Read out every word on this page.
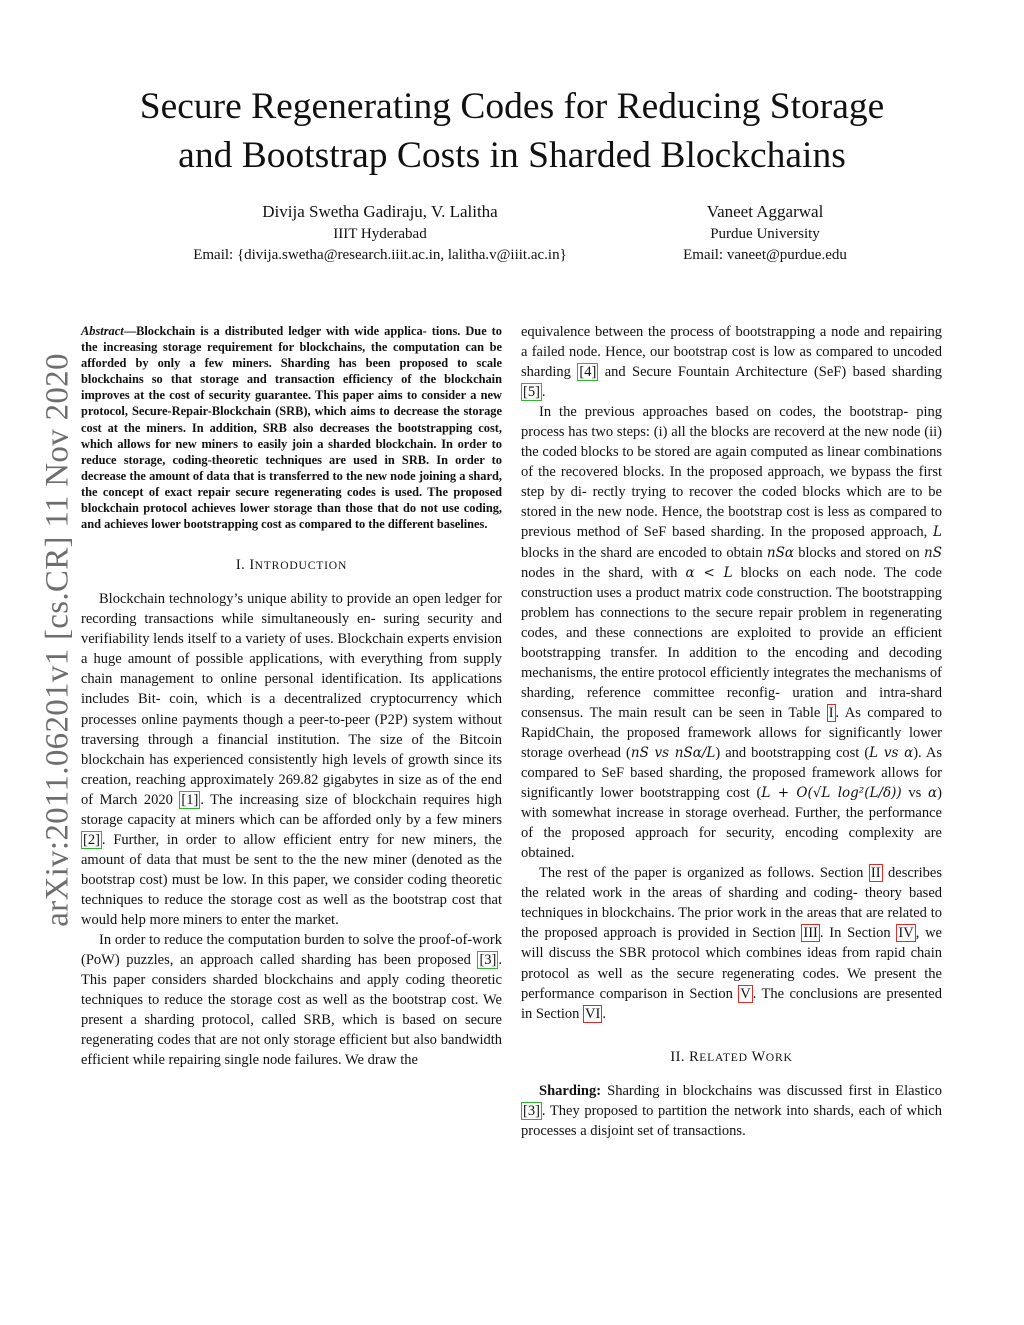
arXiv:2011.06201v1 [cs.CR] 11 Nov 2020
Secure Regenerating Codes for Reducing Storage
and Bootstrap Costs in Sharded Blockchains
Divija Swetha Gadiraju, V. Lalitha
IIIT Hyderabad
Email: {divija.swetha@research.iiit.ac.in, lalitha.v@iiit.ac.in}
Vaneet Aggarwal
Purdue University
Email: vaneet@purdue.edu

Abstract—Blockchain is a distributed ledger with wide applica- tions. Due to the increasing storage requirement for blockchains, the computation can be afforded by only a few miners. Sharding has been proposed to scale blockchains so that storage and transaction efficiency of the blockchain improves at the cost of security guarantee. This paper aims to consider a new protocol, Secure-Repair-Blockchain (SRB), which aims to decrease the storage cost at the miners. In addition, SRB also decreases the bootstrapping cost, which allows for new miners to easily join a sharded blockchain. In order to reduce storage, coding-theoretic techniques are used in SRB. In order to decrease the amount of data that is transferred to the new node joining a shard, the concept of exact repair secure regenerating codes is used. The proposed blockchain protocol achieves lower storage than those that do not use coding, and achieves lower bootstrapping cost as compared to the different baselines.

I. INTRODUCTION

Blockchain technology’s unique ability to provide an open ledger for recording transactions while simultaneously en- suring security and verifiability lends itself to a variety of uses. Blockchain experts envision a huge amount of possible applications, with everything from supply chain management to online personal identification. Its applications includes Bit- coin, which is a decentralized cryptocurrency which processes online payments though a peer-to-peer (P2P) system without traversing through a financial institution. The size of the Bitcoin blockchain has experienced consistently high levels of growth since its creation, reaching approximately 269.82 gigabytes in size as of the end of March 2020 [1] . The increasing size of blockchain requires high storage capacity at miners which can be afforded only by a few miners [2] . Further, in order to allow efficient entry for new miners, the amount of data that must be sent to the the new miner (denoted as the bootstrap cost) must be low. In this paper, we consider coding theoretic techniques to reduce the storage cost as well as the bootstrap cost that would help more miners to enter the market.

In order to reduce the computation burden to solve the proof-of-work (PoW) puzzles, an approach called sharding has been proposed [3] . This paper considers sharded blockchains and apply coding theoretic techniques to reduce the storage cost as well as the bootstrap cost. We present a sharding protocol, called SRB, which is based on secure regenerating codes that are not only storage efficient but also bandwidth efficient while repairing single node failures. We draw the

equivalence between the process of bootstrapping a node and repairing a failed node. Hence, our bootstrap cost is low as compared to uncoded sharding [4] and Secure Fountain Architecture (SeF) based sharding [5] .

In the previous approaches based on codes, the bootstrap- ping process has two steps: (i) all the blocks are recoverd at the new node (ii) the coded blocks to be stored are again computed as linear combinations of the recovered blocks. In the proposed approach, we bypass the first step by di- rectly trying to recover the coded blocks which are to be stored in the new node. Hence, the bootstrap cost is less as compared to previous method of SeF based sharding. In the proposed approach, L blocks in the shard are encoded to obtain nSα blocks and stored on nS nodes in the shard, with α < L blocks on each node. The code construction uses a product matrix code construction. The bootstrapping problem has connections to the secure repair problem in regenerating codes, and these connections are exploited to provide an efficient bootstrapping transfer. In addition to the encoding and decoding mechanisms, the entire protocol efficiently integrates the mechanisms of sharding, reference committee reconfig- uration and intra-shard consensus. The main result can be seen in Table I . As compared to RapidChain, the proposed framework allows for significantly lower storage overhead (nS vs nSα/L) and bootstrapping cost (L vs α). As compared to SeF based sharding, the proposed framework allows for significantly lower bootstrapping cost (L + O(√L log²(L/δ)) vs α) with somewhat increase in storage overhead. Further, the performance of the proposed approach for security, encoding complexity are obtained.

The rest of the paper is organized as follows. Section II describes the related work in the areas of sharding and coding- theory based techniques in blockchains. The prior work in the areas that are related to the proposed approach is provided in Section III . In Section IV , we will discuss the SBR protocol which combines ideas from rapid chain protocol as well as the secure regenerating codes. We present the performance comparison in Section V . The conclusions are presented in Section VI .

II. RELATED WORK

Sharding: Sharding in blockchains was discussed first in Elastico [3] . They proposed to partition the network into shards, each of which processes a disjoint set of transactions.
